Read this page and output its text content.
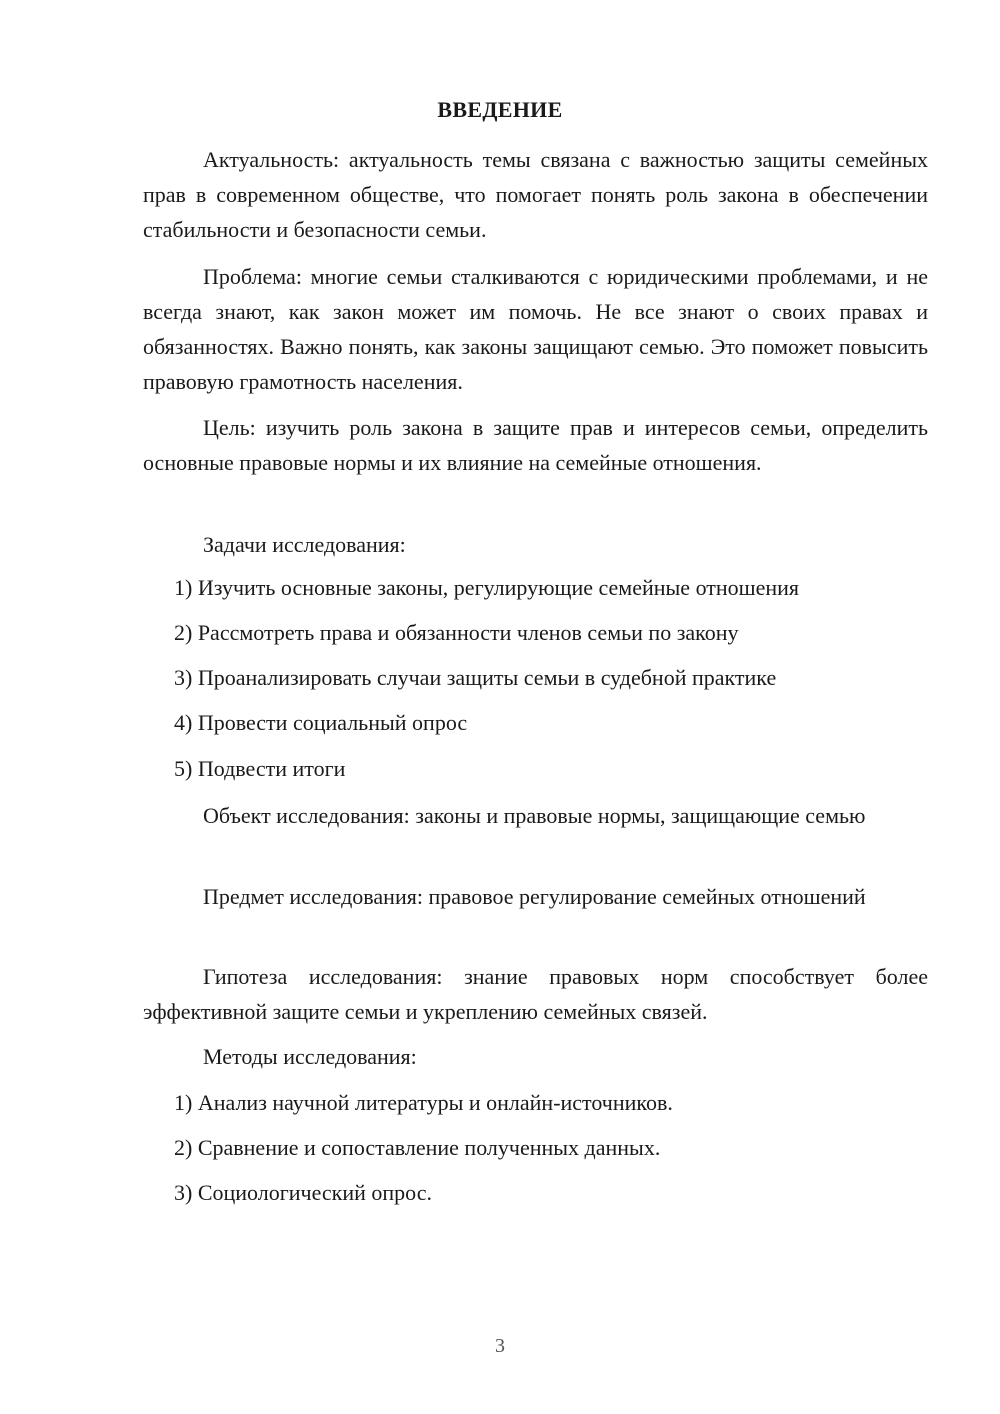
ВВЕДЕНИЕ

Актуальность: актуальность темы связана с важностью защиты семейных прав в современном обществе, что помогает понять роль закона в обеспечении стабильности и безопасности семьи.

Проблема: многие семьи сталкиваются с юридическими проблемами, и не всегда знают, как закон может им помочь. Не все знают о своих правах и обязанностях. Важно понять, как законы защищают семью. Это поможет повысить правовую грамотность населения.

Цель: изучить роль закона в защите прав и интересов семьи, определить основные правовые нормы и их влияние на семейные отношения.

Задачи исследования:

1) Изучить основные законы, регулирующие семейные отношения

2) Рассмотреть права и обязанности членов семьи по закону

3) Проанализировать случаи защиты семьи в судебной практике

4) Провести социальный опрос

5) Подвести итоги

Объект исследования: законы и правовые нормы, защищающие семью

Предмет исследования: правовое регулирование семейных отношений

Гипотеза исследования: знание правовых норм способствует более эффективной защите семьи и укреплению семейных связей.

Методы исследования:

1) Анализ научной литературы и онлайн-источников.

2) Сравнение и сопоставление полученных данных.

3) Социологический опрос.

3
